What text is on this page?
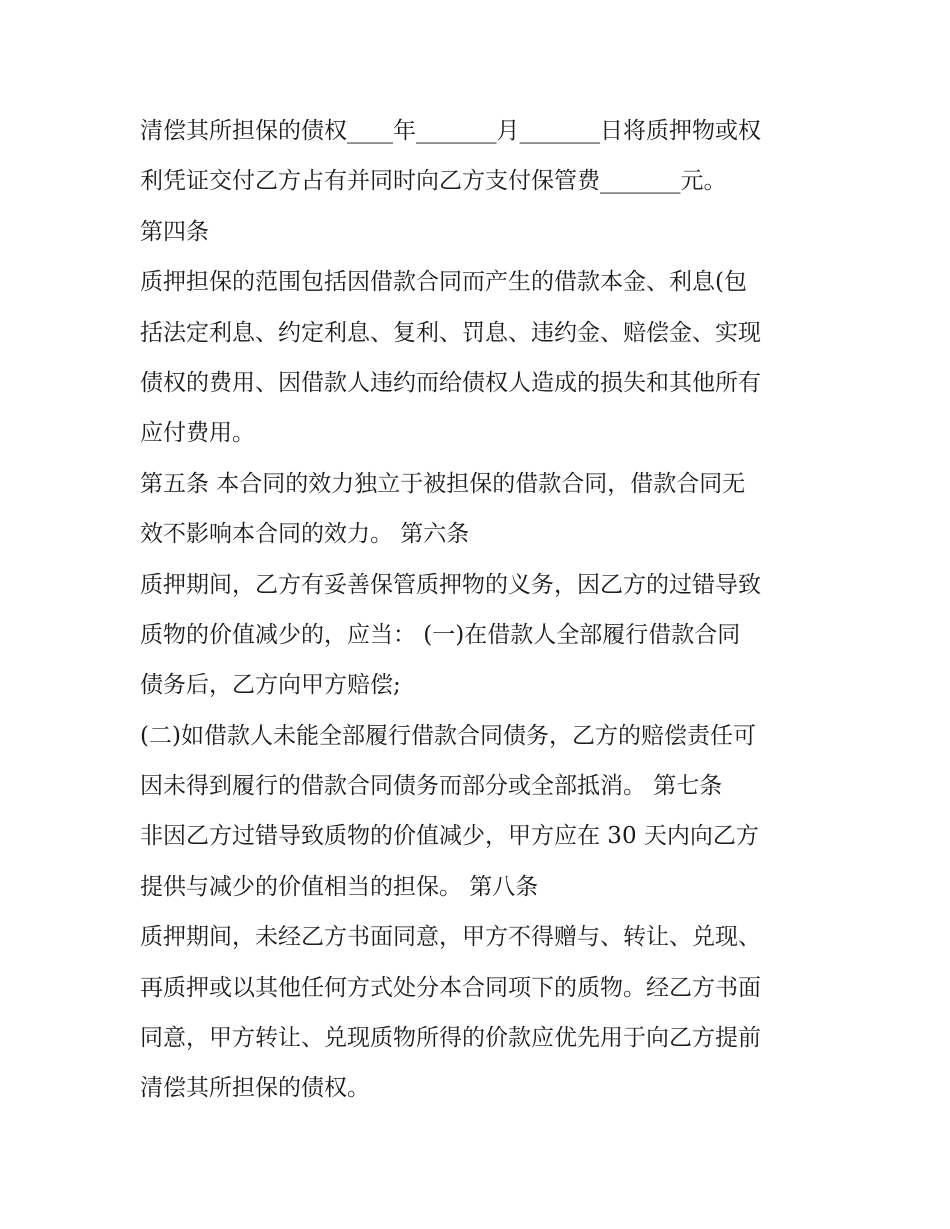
清偿其所担保的债权____年_______月_______日将质押物或权
利凭证交付乙方占有并同时向乙方支付保管费_______元。
第四条
质押担保的范围包括因借款合同而产生的借款本金、利息(包
括法定利息、约定利息、复利、罚息、违约金、赔偿金、实现
债权的费用、因借款人违约而给债权人造成的损失和其他所有
应付费用。
第五条 本合同的效力独立于被担保的借款合同，借款合同无
效不影响本合同的效力。 第六条
质押期间，乙方有妥善保管质押物的义务，因乙方的过错导致
质物的价值减少的，应当： (一)在借款人全部履行借款合同
债务后，乙方向甲方赔偿;
(二)如借款人未能全部履行借款合同债务，乙方的赔偿责任可
因未得到履行的借款合同债务而部分或全部抵消。 第七条
非因乙方过错导致质物的价值减少，甲方应在 30 天内向乙方
提供与减少的价值相当的担保。 第八条
质押期间，未经乙方书面同意，甲方不得赠与、转让、兑现、
再质押或以其他任何方式处分本合同项下的质物。经乙方书面
同意，甲方转让、兑现质物所得的价款应优先用于向乙方提前
清偿其所担保的债权。
